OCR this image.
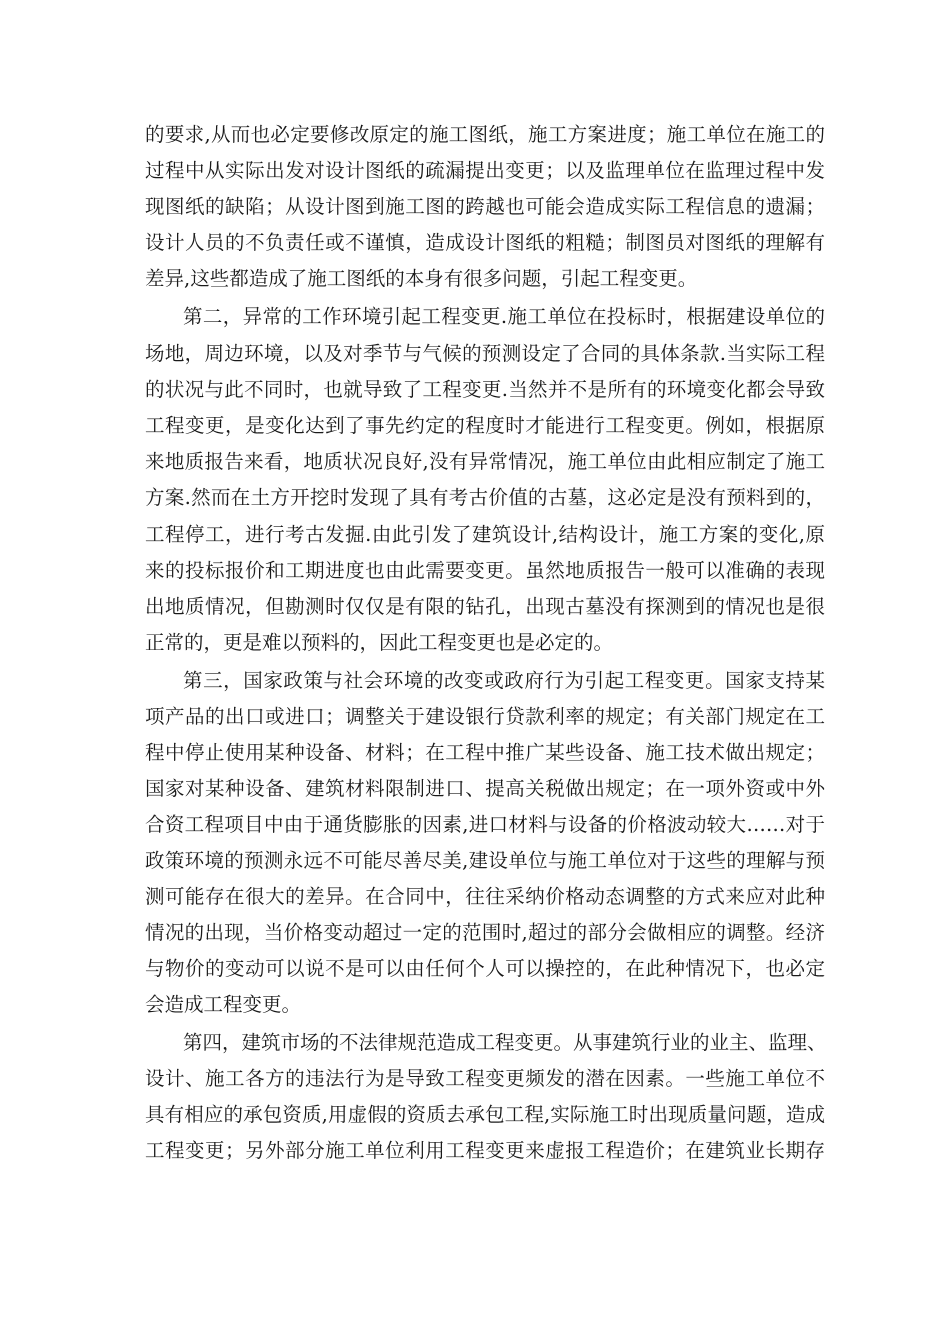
的要求,从而也必定要修改原定的施工图纸，施工方案进度；施工单位在施工的
过程中从实际出发对设计图纸的疏漏提出变更；以及监理单位在监理过程中发
现图纸的缺陷；从设计图到施工图的跨越也可能会造成实际工程信息的遗漏；
设计人员的不负责任或不谨慎，造成设计图纸的粗糙；制图员对图纸的理解有
差异,这些都造成了施工图纸的本身有很多问题，引起工程变更。
第二，异常的工作环境引起工程变更.施工单位在投标时，根据建设单位的
场地，周边环境，以及对季节与气候的预测设定了合同的具体条款.当实际工程
的状况与此不同时，也就导致了工程变更.当然并不是所有的环境变化都会导致
工程变更，是变化达到了事先约定的程度时才能进行工程变更。例如，根据原
来地质报告来看，地质状况良好,没有异常情况，施工单位由此相应制定了施工
方案.然而在土方开挖时发现了具有考古价值的古墓，这必定是没有预料到的，
工程停工，进行考古发掘.由此引发了建筑设计,结构设计，施工方案的变化,原
来的投标报价和工期进度也由此需要变更。虽然地质报告一般可以准确的表现
出地质情况，但勘测时仅仅是有限的钻孔，出现古墓没有探测到的情况也是很
正常的，更是难以预料的，因此工程变更也是必定的。
第三，国家政策与社会环境的改变或政府行为引起工程变更。国家支持某
项产品的出口或进口；调整关于建设银行贷款利率的规定；有关部门规定在工
程中停止使用某种设备、材料；在工程中推广某些设备、施工技术做出规定；
国家对某种设备、建筑材料限制进口、提高关税做出规定；在一项外资或中外
合资工程项目中由于通货膨胀的因素,进口材料与设备的价格波动较大……对于
政策环境的预测永远不可能尽善尽美,建设单位与施工单位对于这些的理解与预
测可能存在很大的差异。在合同中，往往采纳价格动态调整的方式来应对此种
情况的出现，当价格变动超过一定的范围时,超过的部分会做相应的调整。经济
与物价的变动可以说不是可以由任何个人可以操控的，在此种情况下，也必定
会造成工程变更。
第四，建筑市场的不法律规范造成工程变更。从事建筑行业的业主、监理、
设计、施工各方的违法行为是导致工程变更频发的潜在因素。一些施工单位不
具有相应的承包资质,用虚假的资质去承包工程,实际施工时出现质量问题，造成
工程变更；另外部分施工单位利用工程变更来虚报工程造价；在建筑业长期存
